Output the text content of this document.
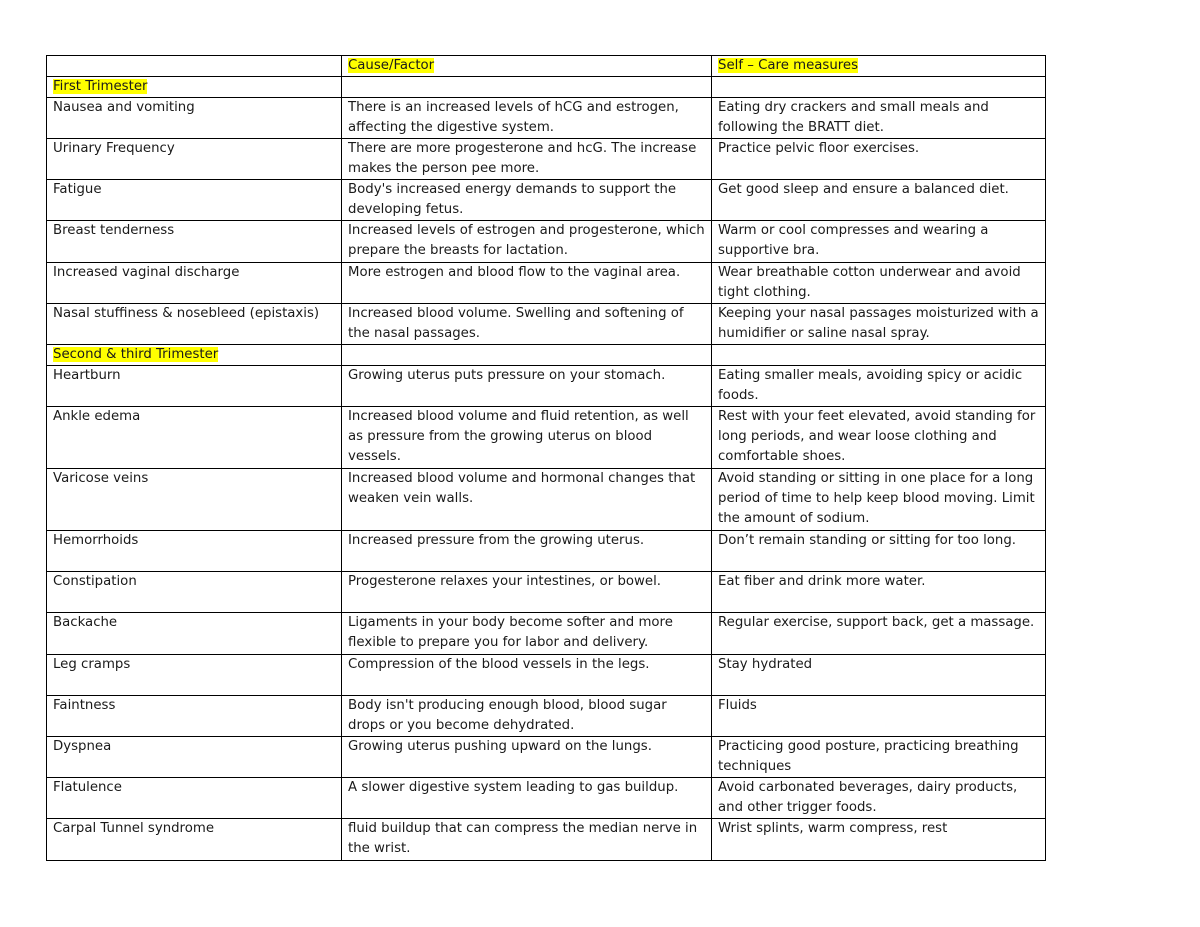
	Cause/Factor	Self – Care measures
First Trimester		
Nausea and vomiting	There is an increased levels of hCG and estrogen, affecting the digestive system.	Eating dry crackers and small meals and following the BRATT diet.
Urinary Frequency	There are more progesterone and hcG. The increase makes the person pee more.	Practice pelvic floor exercises.
Fatigue	Body's increased energy demands to support the developing fetus.	Get good sleep and ensure a balanced diet.
Breast tenderness	Increased levels of estrogen and progesterone, which prepare the breasts for lactation.	Warm or cool compresses and wearing a supportive bra.
Increased vaginal discharge	More estrogen and blood flow to the vaginal area.	Wear breathable cotton underwear and avoid tight clothing.
Nasal stuffiness & nosebleed (epistaxis)	Increased blood volume. Swelling and softening of the nasal passages.	Keeping your nasal passages moisturized with a humidifier or saline nasal spray.
Second & third Trimester		
Heartburn	Growing uterus puts pressure on your stomach.	Eating smaller meals, avoiding spicy or acidic foods.
Ankle edema	Increased blood volume and fluid retention, as well as pressure from the growing uterus on blood vessels.	Rest with your feet elevated, avoid standing for long periods, and wear loose clothing and comfortable shoes.
Varicose veins	Increased blood volume and hormonal changes that weaken vein walls.	Avoid standing or sitting in one place for a long period of time to help keep blood moving. Limit the amount of sodium.
Hemorrhoids	Increased pressure from the growing uterus.	Don’t remain standing or sitting for too long.
Constipation	Progesterone relaxes your intestines, or bowel.	Eat fiber and drink more water.
Backache	Ligaments in your body become softer and more flexible to prepare you for labor and delivery.	Regular exercise, support back, get a massage.
Leg cramps	Compression of the blood vessels in the legs.	Stay hydrated
Faintness	Body isn't producing enough blood, blood sugar drops or you become dehydrated.	Fluids
Dyspnea	Growing uterus pushing upward on the lungs.	Practicing good posture, practicing breathing techniques
Flatulence	A slower digestive system leading to gas buildup.	Avoid carbonated beverages, dairy products, and other trigger foods.
Carpal Tunnel syndrome	fluid buildup that can compress the median nerve in the wrist.	Wrist splints, warm compress, rest
